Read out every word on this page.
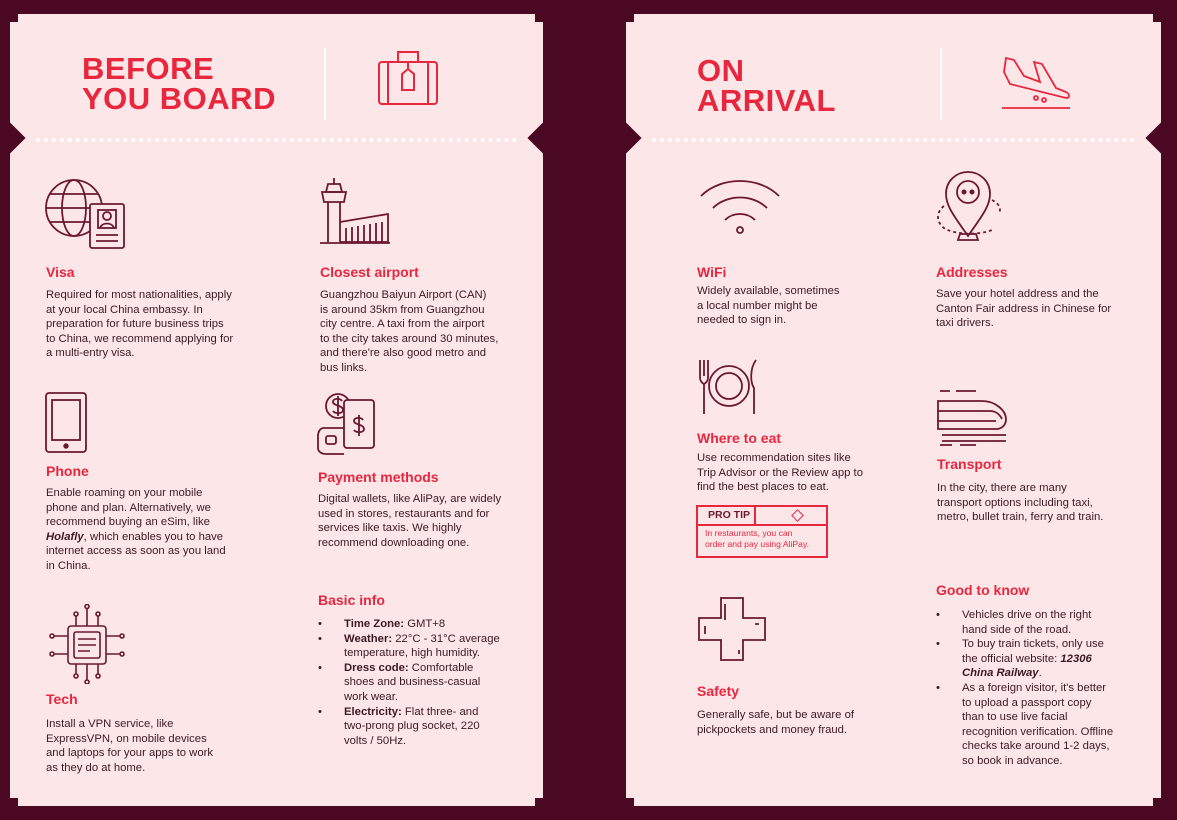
BEFORE
YOU BOARD
Visa
Required for most nationalities, apply
at your local China embassy. In
preparation for future business trips
to China, we recommend applying for
a multi-entry visa.
Closest airport
Guangzhou Baiyun Airport (CAN)
is around 35km from Guangzhou
city centre. A taxi from the airport
to the city takes around 30 minutes,
and there're also good metro and
bus links.
Phone
Enable roaming on your mobile
phone and plan. Alternatively, we
recommend buying an eSim, like
Holafly, which enables you to have
internet access as soon as you land
in China.
Payment methods
Digital wallets, like AliPay, are widely
used in stores, restaurants and for
services like taxis. We highly
recommend downloading one.
Tech
Install a VPN service, like
ExpressVPN, on mobile devices
and laptops for your apps to work
as they do at home.
Basic info
• Time Zone: GMT+8
• Weather: 22°C - 31°C average
temperature, high humidity.
• Dress code: Comfortable
shoes and business-casual
work wear.
• Electricity: Flat three- and
two-prong plug socket, 220
volts / 50Hz.
ON
ARRIVAL
WiFi
Widely available, sometimes
a local number might be
needed to sign in.
Addresses
Save your hotel address and the
Canton Fair address in Chinese for
taxi drivers.
Where to eat
Use recommendation sites like
Trip Advisor or the Review app to
find the best places to eat.
PRO TIP
In restaurants, you can
order and pay using AliPay.
Transport
In the city, there are many
transport options including taxi,
metro, bullet train, ferry and train.
Safety
Generally safe, but be aware of
pickpockets and money fraud.
Good to know
• Vehicles drive on the right
hand side of the road.
• To buy train tickets, only use
the official website: 12306
China Railway.
• As a foreign visitor, it's better
to upload a passport copy
than to use live facial
recognition verification. Offline
checks take around 1-2 days,
so book in advance.
